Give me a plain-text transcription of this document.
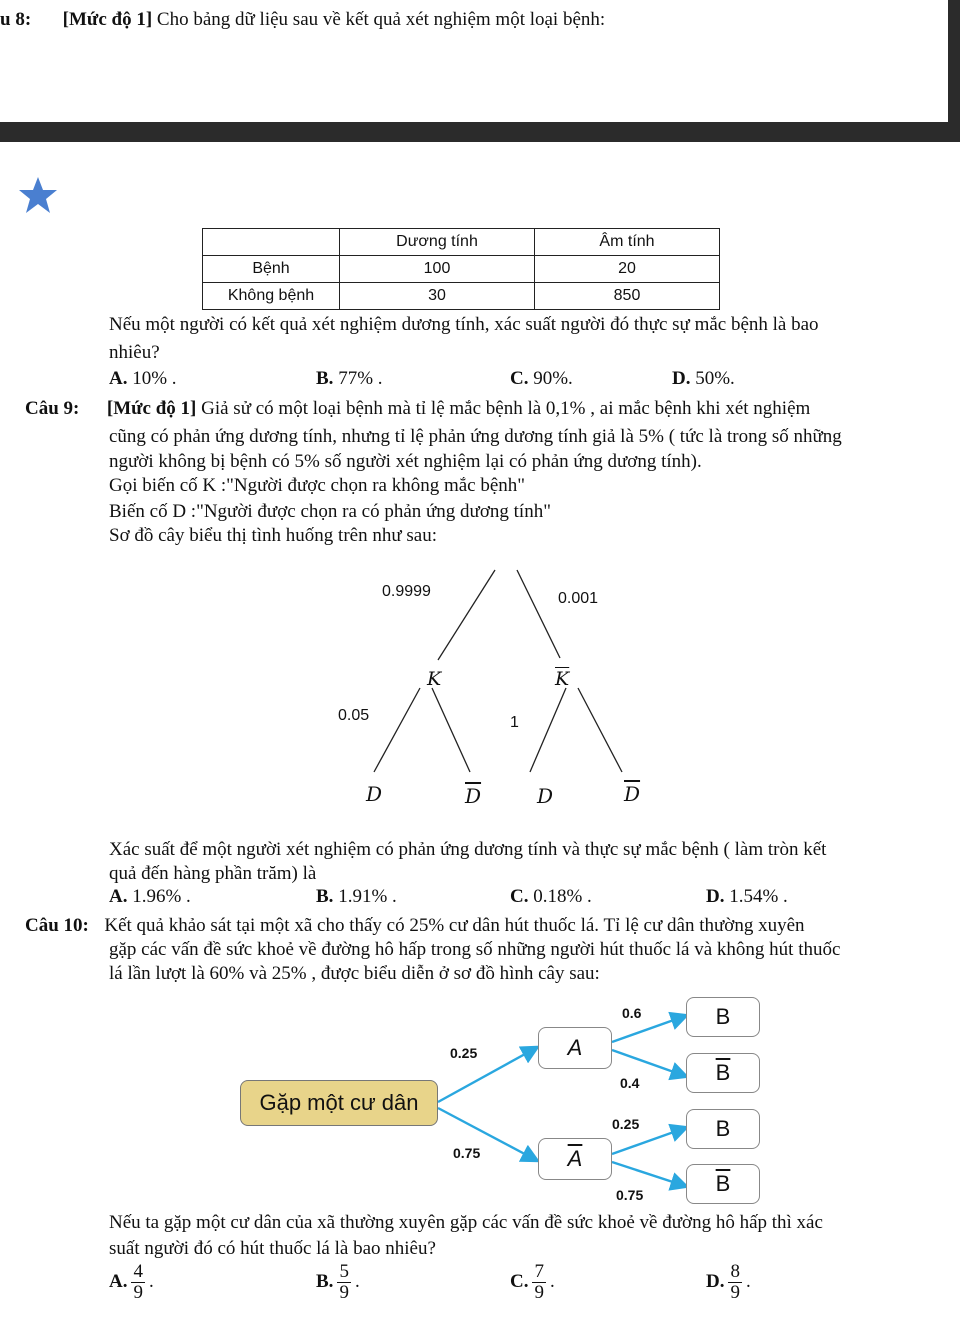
u 8: [Mức độ 1] Cho bảng dữ liệu sau về kết quả xét nghiệm một loại bệnh:
	Dương tính	Âm tính
Bệnh	100	20
Không bệnh	30	850
Nếu một người có kết quả xét nghiệm dương tính, xác suất người đó thực sự mắc bệnh là bao
nhiêu?
A. 10% .	B. 77% .	C. 90%.	D. 50%.
Câu 9: [Mức độ 1] Giả sử có một loại bệnh mà tỉ lệ mắc bệnh là 0,1% , ai mắc bệnh khi xét nghiệm
cũng có phản ứng dương tính, nhưng tỉ lệ phản ứng dương tính giả là 5% ( tức là trong số những
người không bị bệnh có 5% số người xét nghiệm lại có phản ứng dương tính).
Gọi biến cố K :"Người được chọn ra không mắc bệnh"
Biến cố D :"Người được chọn ra có phản ứng dương tính"
Sơ đồ cây biểu thị tình huống trên như sau:
0.9999	0.001
K	$\overline{K}$
0.05	1
D	$\overline{D}$	D	$\overline{D}$
Xác suất để một người xét nghiệm có phản ứng dương tính và thực sự mắc bệnh ( làm tròn kết
quả đến hàng phần trăm) là
A. 1.96% .	B. 1.91% .	C. 0.18% .	D. 1.54% .
Câu 10: Kết quả khảo sát tại một xã cho thấy có 25% cư dân hút thuốc lá. Tỉ lệ cư dân thường xuyên
gặp các vấn đề sức khoẻ về đường hô hấp trong số những người hút thuốc lá và không hút thuốc
lá lần lượt là 60% và 25% , được biểu diễn ở sơ đồ hình cây sau:
Gặp một cư dân
A
$\overline{A}$
B
$\overline{B}$
B
$\overline{B}$
0.25
0.75
0.6
0.4
0.25
0.75
Nếu ta gặp một cư dân của xã thường xuyên gặp các vấn đề sức khoẻ về đường hô hấp thì xác
suất người đó có hút thuốc lá là bao nhiêu?
A. $\frac{4}{9}$ .	B. $\frac{5}{9}$ .	C. $\frac{7}{9}$ .	D. $\frac{8}{9}$ .
